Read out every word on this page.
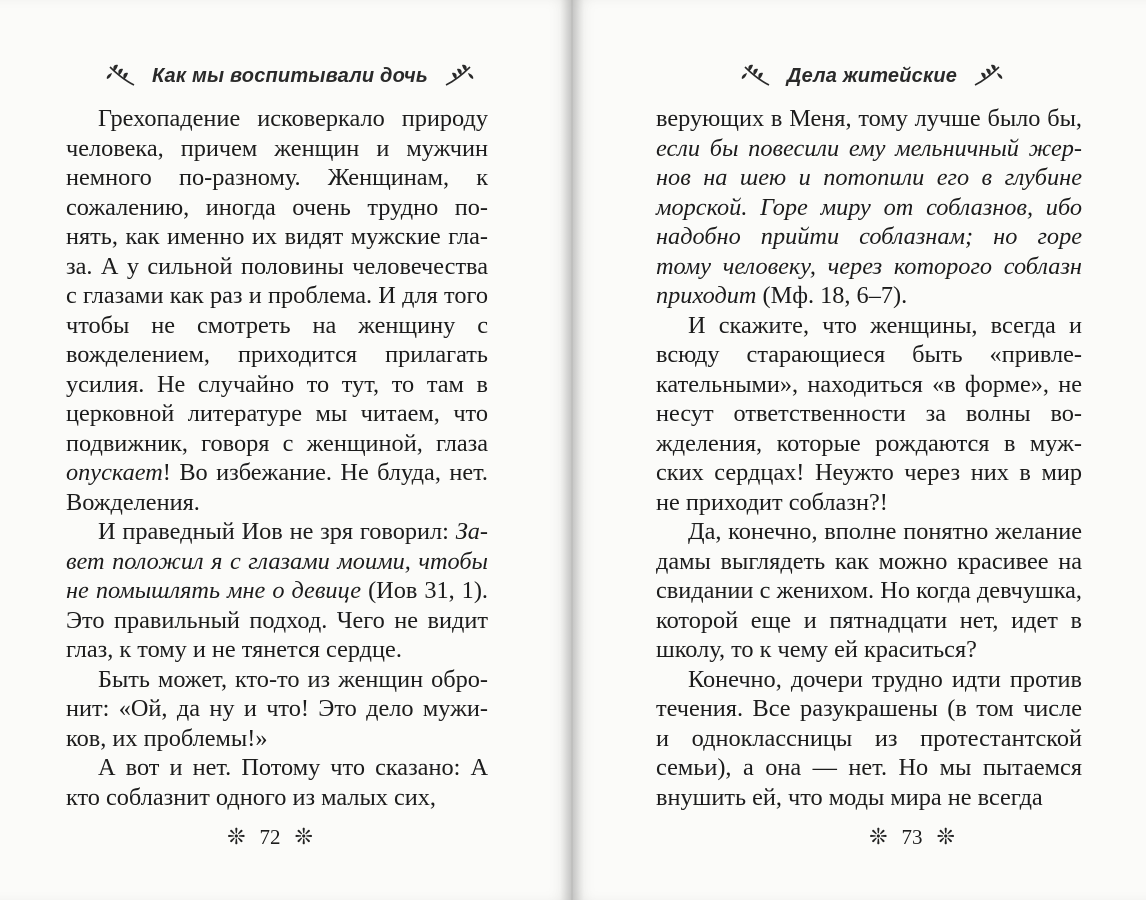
Как мы воспитывали дочь

Грехопадение исковеркало природу человека, причем женщин и мужчин немного по-разному. Женщинам, к сожалению, иногда очень трудно понять, как именно их видят мужские глаза. А у сильной половины человечества с глазами как раз и проблема. И для того чтобы не смотреть на женщину с вожделением, приходится прилагать усилия. Не случайно то тут, то там в церковной литературе мы читаем, что подвижник, говоря с женщиной, глаза опускает! Во избежание. Не блуда, нет. Вожделения.

И праведный Иов не зря говорил: Завет положил я с глазами моими, чтобы не помышлять мне о девице (Иов 31, 1). Это правильный подход. Чего не видит глаз, к тому и не тянется сердце.

Быть может, кто-то из женщин обронит: «Ой, да ну и что! Это дело мужиков, их проблемы!»

А вот и нет. Потому что сказано: А кто соблазнит одного из малых сих,

❊ 72 ❊
Дела житейские

верующих в Меня, тому лучше было бы, если бы повесили ему мельничный жернов на шею и потопили его в глубине морской. Горе миру от соблазнов, ибо надобно прийти соблазнам; но горе тому человеку, через которого соблазн приходит (Мф. 18, 6–7).

И скажите, что женщины, всегда и всюду старающиеся быть «привлекательными», находиться «в форме», не несут ответственности за волны вожделения, которые рождаются в мужских сердцах! Неужто через них в мир не приходит соблазн?!

Да, конечно, вполне понятно желание дамы выглядеть как можно красивее на свидании с женихом. Но когда девчушка, которой еще и пятнадцати нет, идет в школу, то к чему ей краситься?

Конечно, дочери трудно идти против течения. Все разукрашены (в том числе и одноклассницы из протестантской семьи), а она — нет. Но мы пытаемся внушить ей, что моды мира не всегда

❊ 73 ❊
